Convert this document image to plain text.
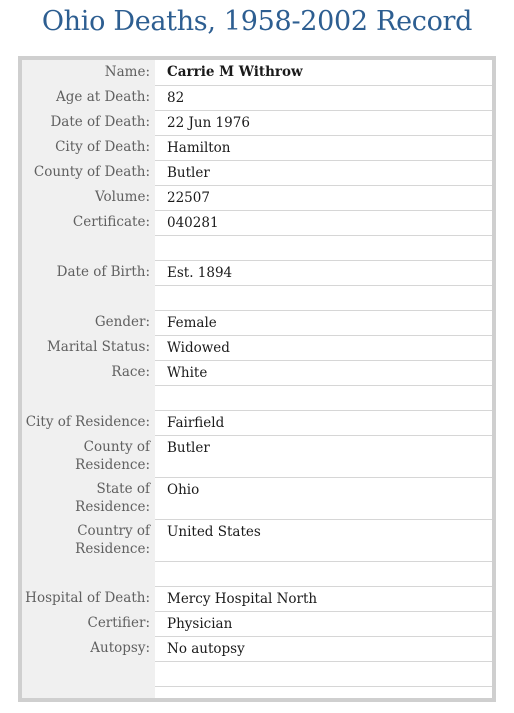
Ohio Deaths, 1958-2002 Record
Name:	Carrie M Withrow
Age at Death:	82
Date of Death:	22 Jun 1976
City of Death:	Hamilton
County of Death:	Butler
Volume:	22507
Certificate:	040281

Date of Birth:	Est. 1894

Gender:	Female
Marital Status:	Widowed
Race:	White

City of Residence:	Fairfield
County of Residence:	Butler
State of Residence:	Ohio
Country of Residence:	United States

Hospital of Death:	Mercy Hospital North
Certifier:	Physician
Autopsy:	No autopsy
